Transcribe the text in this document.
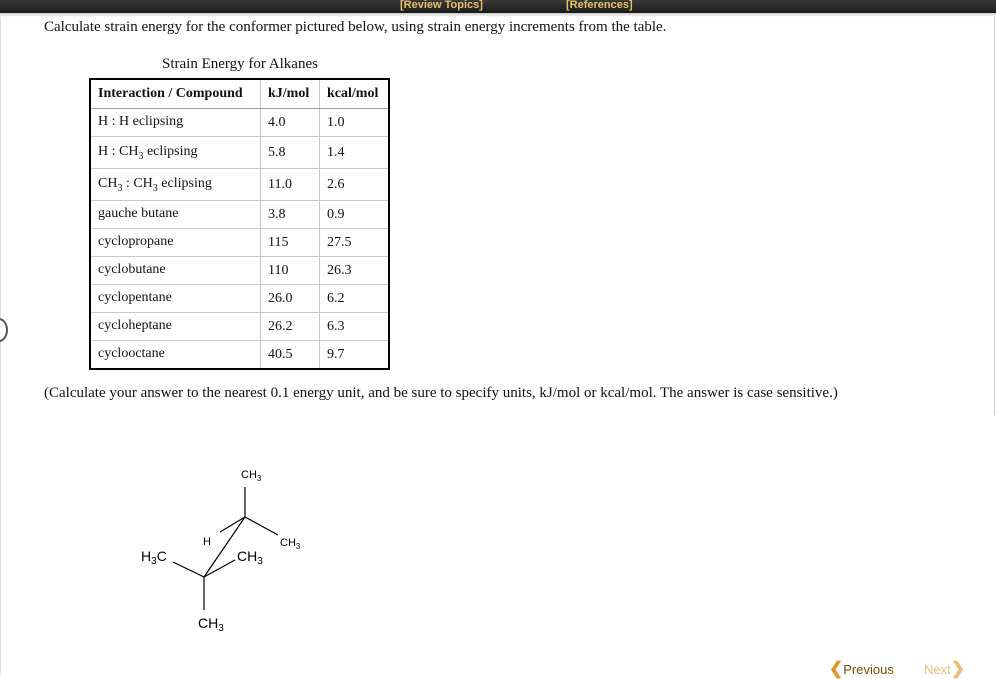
[Review Topics]	[References]
Calculate strain energy for the conformer pictured below, using strain energy increments from the table.
Strain Energy for Alkanes
Interaction / Compound	kJ/mol	kcal/mol
H : H eclipsing	4.0	1.0
H : $CH_3$ eclipsing	5.8	1.4
$CH_3$ : $CH_3$ eclipsing	11.0	2.6
gauche butane	3.8	0.9
cyclopropane	115	27.5
cyclobutane	110	26.3
cyclopentane	26.0	6.2
cycloheptane	26.2	6.3
cyclooctane	40.5	9.7
(Calculate your answer to the nearest 0.1 energy unit, and be sure to specify units, kJ/mol or kcal/mol. The answer is case sensitive.)
$CH_3$
$CH_3$
H
$H_3C$	$CH_3$
$CH_3$
❮Previous Next❯
